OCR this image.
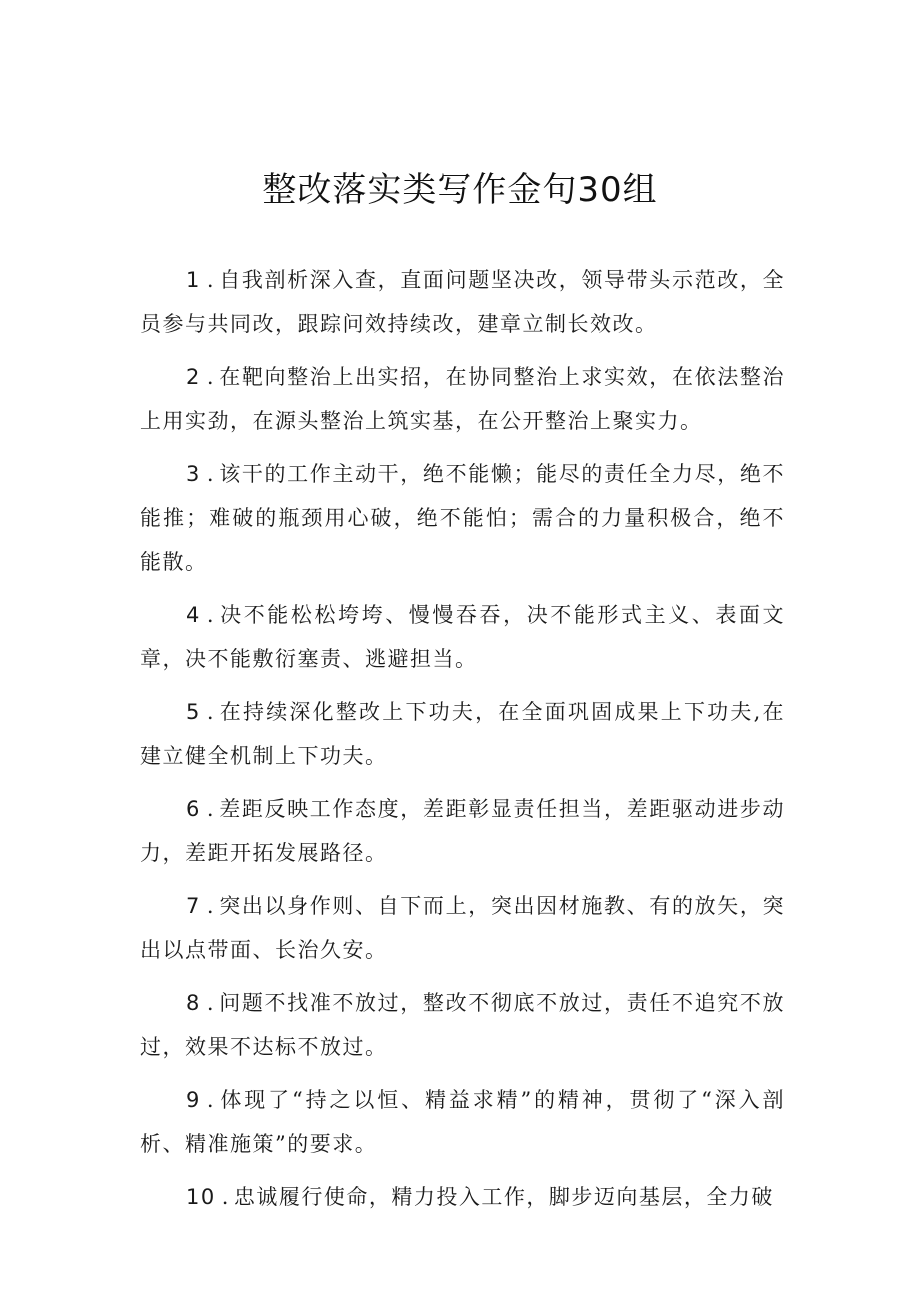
整改落实类写作金句30组

1 . 自我剖析深入查，直面问题坚决改，领导带头示范改，全员参与共同改，跟踪问效持续改，建章立制长效改。

2 . 在靶向整治上出实招，在协同整治上求实效，在依法整治上用实劲，在源头整治上筑实基，在公开整治上聚实力。

3 . 该干的工作主动干，绝不能懒；能尽的责任全力尽，绝不能推；难破的瓶颈用心破，绝不能怕；需合的力量积极合，绝不能散。

4 . 决不能松松垮垮、慢慢吞吞，决不能形式主义、表面文章，决不能敷衍塞责、逃避担当。

5 . 在持续深化整改上下功夫，在全面巩固成果上下功夫,在建立健全机制上下功夫。

6 . 差距反映工作态度，差距彰显责任担当，差距驱动进步动力，差距开拓发展路径。

7 . 突出以身作则、自下而上，突出因材施教、有的放矢，突出以点带面、长治久安。

8 . 问题不找准不放过，整改不彻底不放过，责任不追究不放过，效果不达标不放过。

9 . 体现了“持之以恒、精益求精”的精神，贯彻了“深入剖析、精准施策”的要求。

10 . 忠诚履行使命，精力投入工作，脚步迈向基层，全力破
